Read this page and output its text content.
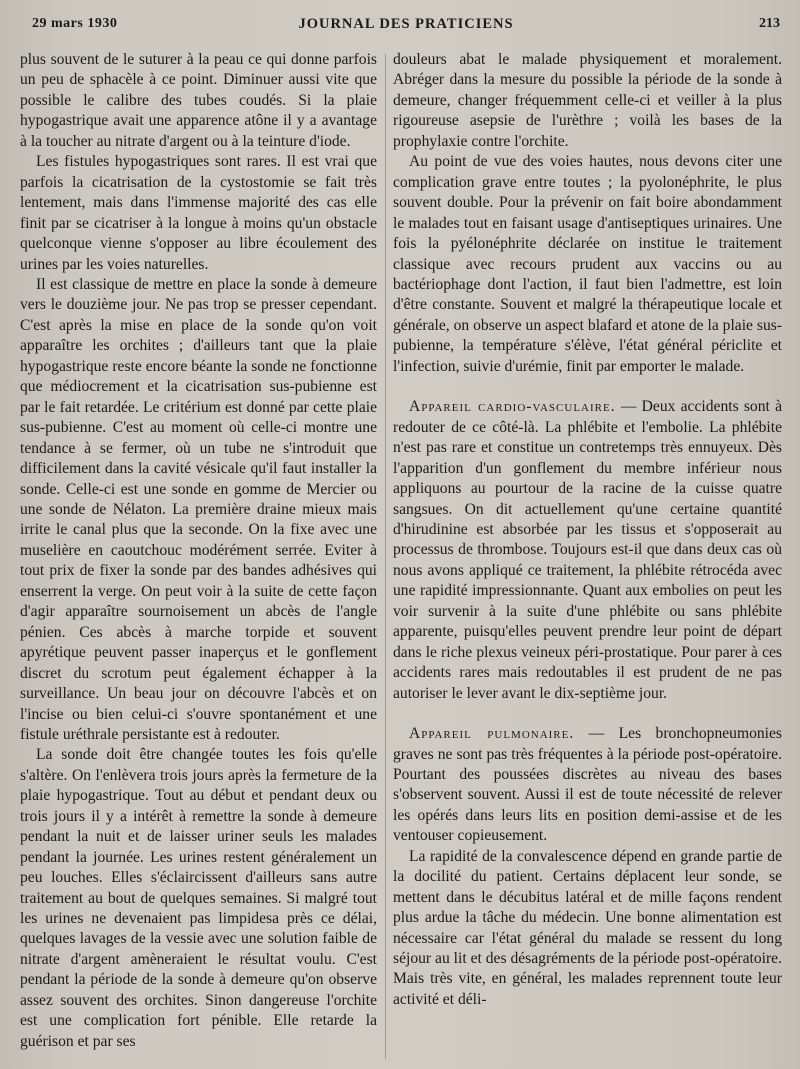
29 mars 1930	JOURNAL DES PRATICIENS	213

plus souvent de le suturer à la peau ce qui donne parfois un peu de sphacèle à ce point. Diminuer aussi vite que possible le calibre des tubes coudés. Si la plaie hypogastrique avait une apparence atône il y a avantage à la toucher au nitrate d'argent ou à la teinture d'iode.

Les fistules hypogastriques sont rares. Il est vrai que parfois la cicatrisation de la cystostomie se fait très lentement, mais dans l'immense majorité des cas elle finit par se cicatriser à la longue à moins qu'un obstacle quelconque vienne s'opposer au libre écoulement des urines par les voies naturelles.

Il est classique de mettre en place la sonde à demeure vers le douzième jour. Ne pas trop se presser cependant. C'est après la mise en place de la sonde qu'on voit apparaître les orchites ; d'ailleurs tant que la plaie hypogastrique reste encore béante la sonde ne fonctionne que médiocrement et la cicatrisation sus-pubienne est par le fait retardée. Le critérium est donné par cette plaie sus-pubienne. C'est au moment où celle-ci montre une tendance à se fermer, où un tube ne s'introduit que difficilement dans la cavité vésicale qu'il faut installer la sonde. Celle-ci est une sonde en gomme de Mercier ou une sonde de Nélaton. La première draine mieux mais irrite le canal plus que la seconde. On la fixe avec une muselière en caoutchouc modérément serrée. Eviter à tout prix de fixer la sonde par des bandes adhésives qui enserrent la verge. On peut voir à la suite de cette façon d'agir apparaître sournoisement un abcès de l'angle pénien. Ces abcès à marche torpide et souvent apyrétique peuvent passer inaperçus et le gonflement discret du scrotum peut également échapper à la surveillance. Un beau jour on découvre l'abcès et on l'incise ou bien celui-ci s'ouvre spontanément et une fistule uréthrale persistante est à redouter.

La sonde doit être changée toutes les fois qu'elle s'altère. On l'enlèvera trois jours après la fermeture de la plaie hypogastrique. Tout au début et pendant deux ou trois jours il y a intérêt à remettre la sonde à demeure pendant la nuit et de laisser uriner seuls les malades pendant la journée. Les urines restent généralement un peu louches. Elles s'éclaircissent d'ailleurs sans autre traitement au bout de quelques semaines. Si malgré tout les urines ne devenaient pas limpidesa près ce délai, quelques lavages de la vessie avec une solution faible de nitrate d'argent amèneraient le résultat voulu. C'est pendant la période de la sonde à demeure qu'on observe assez souvent des orchites. Sinon dangereuse l'orchite est une complication fort pénible. Elle retarde la guérison et par ses

douleurs abat le malade physiquement et moralement. Abréger dans la mesure du possible la période de la sonde à demeure, changer fréquemment celle-ci et veiller à la plus rigoureuse asepsie de l'urèthre ; voilà les bases de la prophylaxie contre l'orchite.

Au point de vue des voies hautes, nous devons citer une complication grave entre toutes ; la pyolonéphrite, le plus souvent double. Pour la prévenir on fait boire abondamment le malades tout en faisant usage d'antiseptiques urinaires. Une fois la pyélonéphrite déclarée on institue le traitement classique avec recours prudent aux vaccins ou au bactériophage dont l'action, il faut bien l'admettre, est loin d'être constante. Souvent et malgré la thérapeutique locale et générale, on observe un aspect blafard et atone de la plaie sus-pubienne, la température s'élève, l'état général périclite et l'infection, suivie d'urémie, finit par emporter le malade.

Appareil cardio-vasculaire. — Deux accidents sont à redouter de ce côté-là. La phlébite et l'embolie. La phlébite n'est pas rare et constitue un contretemps très ennuyeux. Dès l'apparition d'un gonflement du membre inférieur nous appliquons au pourtour de la racine de la cuisse quatre sangsues. On dit actuellement qu'une certaine quantité d'hirudinine est absorbée par les tissus et s'opposerait au processus de thrombose. Toujours est-il que dans deux cas où nous avons appliqué ce traitement, la phlébite rétrocéda avec une rapidité impressionnante. Quant aux embolies on peut les voir survenir à la suite d'une phlébite ou sans phlébite apparente, puisqu'elles peuvent prendre leur point de départ dans le riche plexus veineux péri-prostatique. Pour parer à ces accidents rares mais redoutables il est prudent de ne pas autoriser le lever avant le dix-septième jour.

Appareil pulmonaire. — Les bronchopneumonies graves ne sont pas très fréquentes à la période post-opératoire. Pourtant des poussées discrètes au niveau des bases s'observent souvent. Aussi il est de toute nécessité de relever les opérés dans leurs lits en position demi-assise et de les ventouser copieusement.

La rapidité de la convalescence dépend en grande partie de la docilité du patient. Certains déplacent leur sonde, se mettent dans le décubitus latéral et de mille façons rendent plus ardue la tâche du médecin. Une bonne alimentation est nécessaire car l'état général du malade se ressent du long séjour au lit et des désagréments de la période post-opératoire. Mais très vite, en général, les malades reprennent toute leur activité et déli-
